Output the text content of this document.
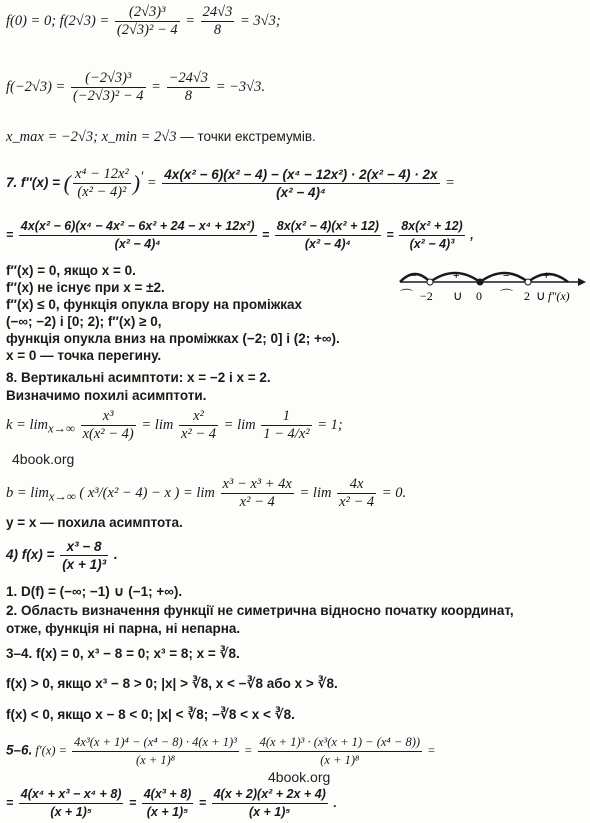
f(0) = 0; $f(2√3) = \frac{\text{(2√3)³}}{\text{(2√3)² − 4}} = \frac{24√3}{8} = 3√3$;
$f(-2√3) = \frac{\text{(−2√3)³}}{\text{(−2√3)² − 4}} = \frac{-24√3}{8} = -3√3$.
x_max = −2√3; x_min = 2√3 — точки екстремумів.
7. f″(x) = ( $\frac{\text{x⁴ − 12x²}}{\text{(x² − 4)²}}$ )′ = $\frac{\text{4x(x² − 6)(x² − 4) − (x⁴ − 12x²) · 2(x² − 4) · 2x}}{\text{(x² − 4)⁴}}$ =
= $\frac{\text{4x(x² − 6)(x⁴ − 4x² − 6x² + 24 − x⁴ + 12x²)}}{\text{(x² − 4)⁴}} = \frac{\text{8x(x² − 4)(x² + 12)}}{\text{(x² − 4)⁴}} = \frac{\text{8x(x² + 12)}}{\text{(x² − 4)³}}$ ,
f″(x) = 0, якщо x = 0.
f″(x) не існує при x = ±2.
f″(x) ≤ 0, функція опукла вгору на проміжках
(−∞; −2) і [0; 2); f″(x) ≥ 0,
функція опукла вниз на проміжках (−2; 0] і (2; +∞).
x = 0 — точка перегину.
−	+	−	+
⌒ −2 ∪ 0 ⌒ 2 ∪ f″(x)
8. Вертикальні асимптоти: x = −2 і x = 2.
Визначимо похилі асимптоти.
$k = \lim_{x\to\infty} \frac{\text{x³}}{\text{x(x² − 4)}} = \lim \frac{\text{x²}}{\text{x² − 4}} = \lim \frac{1}{\text{1 − 4/x²}} = 1$;
4book.org
$b = \lim_{x\to\infty}$ ( x³/(x² − 4) − x ) = $\lim \frac{\text{x³ − x³ + 4x}}{\text{x² − 4}} = \lim \frac{4x}{\text{x² − 4}} = 0$.
y = x — похила асимптота.
4) $f(x) = \frac{\text{x³ − 8}}{\text{(x + 1)³}}$ .
1. D(f) = (−∞; −1) ∪ (−1; +∞).
2. Область визначення функції не симетрична відносно початку координат,
отже, функція ні парна, ні непарна.
3–4. f(x) = 0, x³ − 8 = 0; x³ = 8; x = ∛8.
f(x) > 0, якщо x³ − 8 > 0; |x| > ∛8, x < −∛8 або x > ∛8.
f(x) < 0, якщо x − 8 < 0; |x| < ∛8; −∛8 < x < ∛8.
5–6. $f'(x) = \frac{\text{4x³(x + 1)⁴ − (x⁴ − 8) · 4(x + 1)³}}{\text{(x + 1)⁸}} = \frac{\text{4(x + 1)³ · (x³(x + 1) − (x⁴ − 8))}}{\text{(x + 1)⁸}}$ =
4book.org
= $\frac{\text{4(x⁴ + x³ − x⁴ + 8)}}{\text{(x + 1)⁵}} = \frac{\text{4(x³ + 8)}}{\text{(x + 1)⁵}} = \frac{\text{4(x + 2)(x² + 2x + 4)}}{\text{(x + 1)⁵}}$ .
